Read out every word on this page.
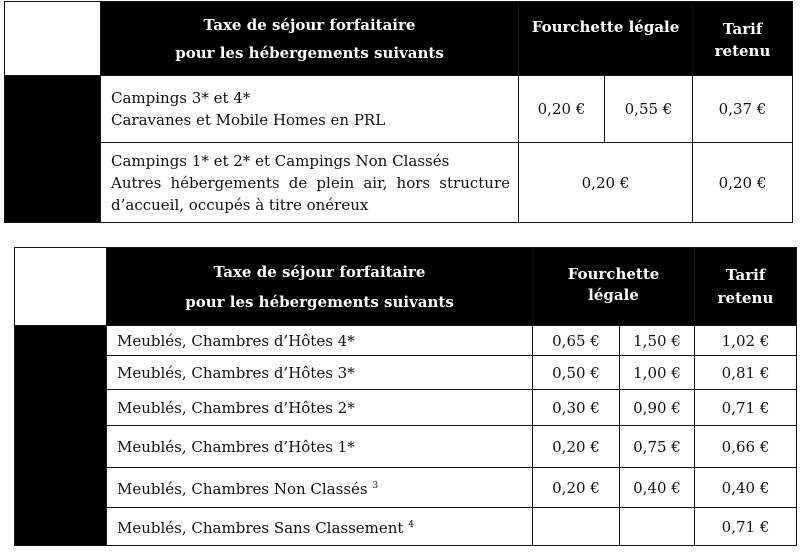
	Taxe de séjour forfaitaire
pour les hébergements suivants	Fourchette légale		Tarif
retenu

	Campings 3* et 4*
Caravanes et Mobile Homes en PRL	0,20 €	0,55 €	0,37 €

	Campings 1* et 2* et Campings Non Classés
Autres hébergements de plein air, hors structure d’accueil, occupés à titre onéreux	0,20 €		0,20 €

	Taxe de séjour forfaitaire
pour les hébergements suivants	Fourchette
légale		Tarif
retenu

	Meublés, Chambres d’Hôtes 4*	0,65 €	1,50 €	1,02 €
	Meublés, Chambres d’Hôtes 3*	0,50 €	1,00 €	0,81 €
	Meublés, Chambres d’Hôtes 2*	0,30 €	0,90 €	0,71 €
	Meublés, Chambres d’Hôtes 1*	0,20 €	0,75 €	0,66 €
	Meublés, Chambres Non Classés $^3$	0,20 €	0,40 €	0,40 €
	Meublés, Chambres Sans Classement $^4$			0,71 €
